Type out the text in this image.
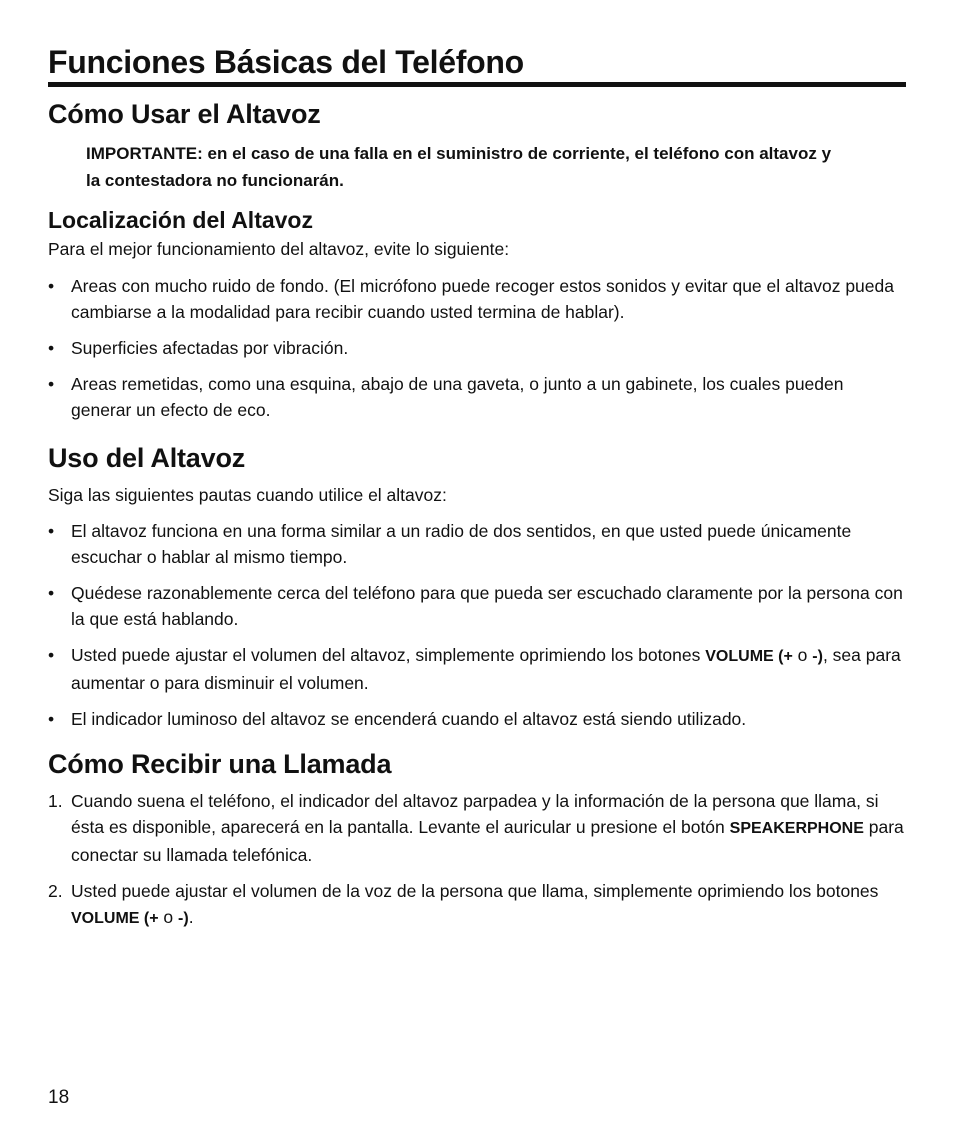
Funciones Básicas del Teléfono
Cómo Usar el Altavoz

IMPORTANTE: en el caso de una falla en el suministro de corriente, el teléfono con altavoz y la contestadora no funcionarán.

Localización del Altavoz

Para el mejor funcionamiento del altavoz, evite lo siguiente:

• Areas con mucho ruido de fondo. (El micrófono puede recoger estos sonidos y evitar que el altavoz pueda cambiarse a la modalidad para recibir cuando usted termina de hablar).
• Superficies afectadas por vibración.
• Areas remetidas, como una esquina, abajo de una gaveta, o junto a un gabinete, los cuales pueden generar un efecto de eco.
Uso del Altavoz

Siga las siguientes pautas cuando utilice el altavoz:

• El altavoz funciona en una forma similar a un radio de dos sentidos, en que usted puede únicamente escuchar o hablar al mismo tiempo.
• Quédese razonablemente cerca del teléfono para que pueda ser escuchado claramente por la persona con la que está hablando.
• Usted puede ajustar el volumen del altavoz, simplemente oprimiendo los botones VOLUME (+ o -), sea para aumentar o para disminuir el volumen.
• El indicador luminoso del altavoz se encenderá cuando el altavoz está siendo utilizado.
Cómo Recibir una Llamada
1. Cuando suena el teléfono, el indicador del altavoz parpadea y la información de la persona que llama, si ésta es disponible, aparecerá en la pantalla. Levante el auricular u presione el botón SPEAKERPHONE para conectar su llamada telefónica.
2. Usted puede ajustar el volumen de la voz de la persona que llama, simplemente oprimiendo los botones VOLUME (+ o -).
18
